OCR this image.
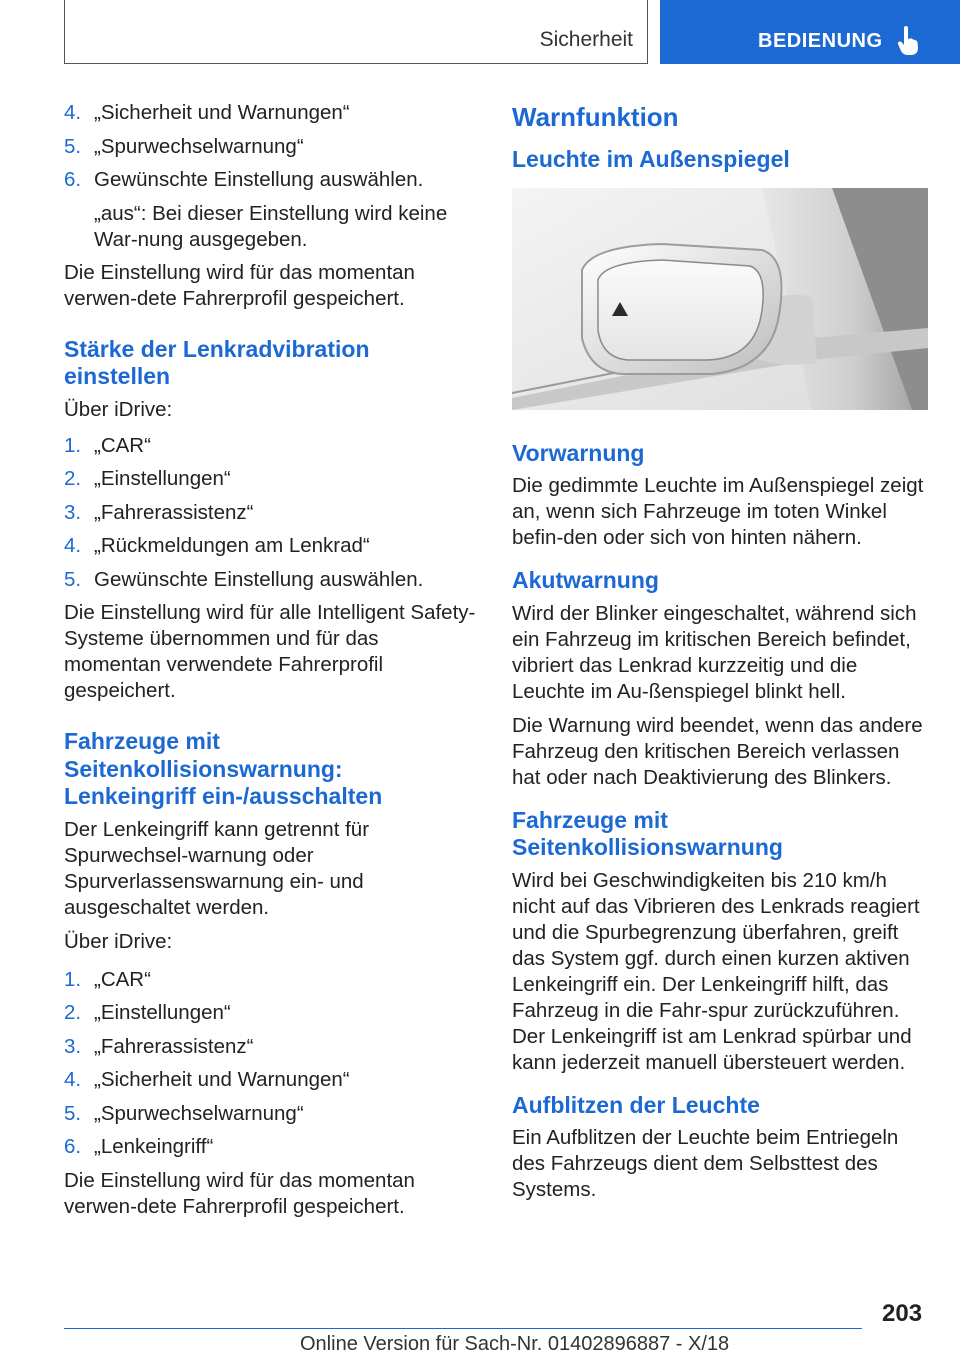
Sicherheit	BEDIENUNG
4. „Sicherheit und Warnungen“
5. „Spurwechselwarnung“
6. Gewünschte Einstellung auswählen.

„aus“: Bei dieser Einstellung wird keine War‐nung ausgegeben.

Die Einstellung wird für das momentan verwen‐dete Fahrerprofil gespeichert.

Stärke der Lenkradvibration einstellen

Über iDrive:

1. „CAR“
2. „Einstellungen“
3. „Fahrerassistenz“
4. „Rückmeldungen am Lenkrad“
5. Gewünschte Einstellung auswählen.

Die Einstellung wird für alle Intelligent Safety-Systeme übernommen und für das momentan verwendete Fahrerprofil gespeichert.

Fahrzeuge mit Seitenkollisionswarnung: Lenkeingriff ein-/ausschalten

Der Lenkeingriff kann getrennt für Spurwechsel‐warnung oder Spurverlassenswarnung ein- und ausgeschaltet werden.

Über iDrive:

1. „CAR“
2. „Einstellungen“
3. „Fahrerassistenz“
4. „Sicherheit und Warnungen“
5. „Spurwechselwarnung“
6. „Lenkeingriff“

Die Einstellung wird für das momentan verwen‐dete Fahrerprofil gespeichert.

Warnfunktion
Leuchte im Außenspiegel
Vorwarnung

Die gedimmte Leuchte im Außenspiegel zeigt an, wenn sich Fahrzeuge im toten Winkel befin‐den oder sich von hinten nähern.

Akutwarnung

Wird der Blinker eingeschaltet, während sich ein Fahrzeug im kritischen Bereich befindet, vibriert das Lenkrad kurzzeitig und die Leuchte im Au‐ßenspiegel blinkt hell.

Die Warnung wird beendet, wenn das andere Fahrzeug den kritischen Bereich verlassen hat oder nach Deaktivierung des Blinkers.

Fahrzeuge mit Seitenkollisionswarnung

Wird bei Geschwindigkeiten bis 210 km/h nicht auf das Vibrieren des Lenkrads reagiert und die Spurbegrenzung überfahren, greift das System ggf. durch einen kurzen aktiven Lenkeingriff ein. Der Lenkeingriff hilft, das Fahrzeug in die Fahr‐spur zurückzuführen. Der Lenkeingriff ist am Lenkrad spürbar und kann jederzeit manuell übersteuert werden.

Aufblitzen der Leuchte

Ein Aufblitzen der Leuchte beim Entriegeln des Fahrzeugs dient dem Selbsttest des Systems.

203
Online Version für Sach-Nr. 01402896887 - X/18
